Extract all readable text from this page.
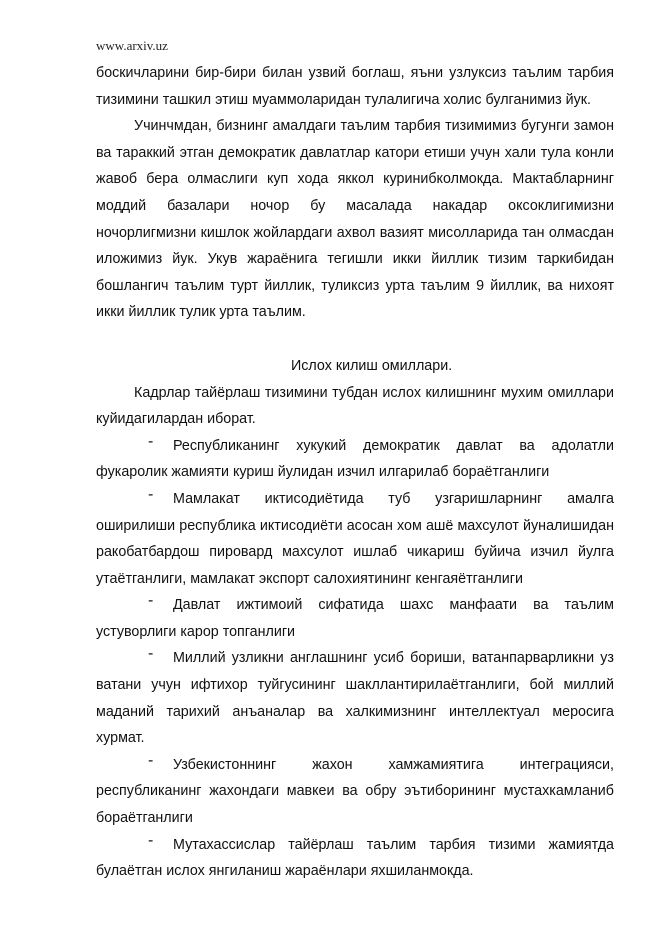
www.arxiv.uz

боскичларини бир-бири билан узвий боглаш, яъни узлуксиз таълим тарбия тизимини ташкил этиш муаммоларидан тулалигича холис булганимиз йук.

Учинчмдан, бизнинг амалдаги таълим тарбия тизимимиз бугунги замон ва тараккий этган демократик давлатлар катори етиши учун хали тула конли жавоб бера олмаслиги куп хода яккол куринибколмокда. Мактабларнинг моддий базалари ночор бу масалада накадар оксоклигимизни ночорлигмизни кишлок жойлардаги ахвол вазият мисолларида тан олмасдан иложимиз йук. Укув жараёнига тегишли икки йиллик тизим таркибидан бошлангич таълим турт йиллик, туликсиз урта таълим 9 йиллик, ва нихоят икки йиллик тулик урта таълим.

Ислох килиш омиллари.

Кадрлар тайёрлаш тизимини тубдан ислох килишнинг мухим омиллари куйидагилардан иборат.

-	Республиканинг хукукий демократик давлат ва адолатли фукаролик жамияти куриш йулидан изчил илгарилаб бораётганлиги

-	Мамлакат иктисодиётида туб узгаришларнинг амалга оширилиши республика иктисодиёти асосан хом ашё махсулот йуналишидан ракобатбардош пировард махсулот ишлаб чикариш буйича изчил йулга утаётганлиги, мамлакат экспорт салохиятининг кенгаяётганлиги

-	Давлат ижтимоий сифатида шахс манфаати ва таълим устуворлиги карор топганлиги

-	Миллий узликни англашнинг усиб бориши, ватанпарварликни уз ватани учун ифтихор туйгусининг шакллантирилаётганлиги, бой миллий маданий тарихий анъаналар ва халкимизнинг интеллектуал меросига хурмат.

-	Узбекистоннинг жахон хамжамиятига интеграцияси, республиканинг жахондаги мавкеи ва обру эътиборининг мустахкамланиб бораётганлиги

-	Мутахассислар тайёрлаш таълим тарбия тизими жамиятда булаётган ислох янгиланиш жараёнлари яхшиланмокда.
